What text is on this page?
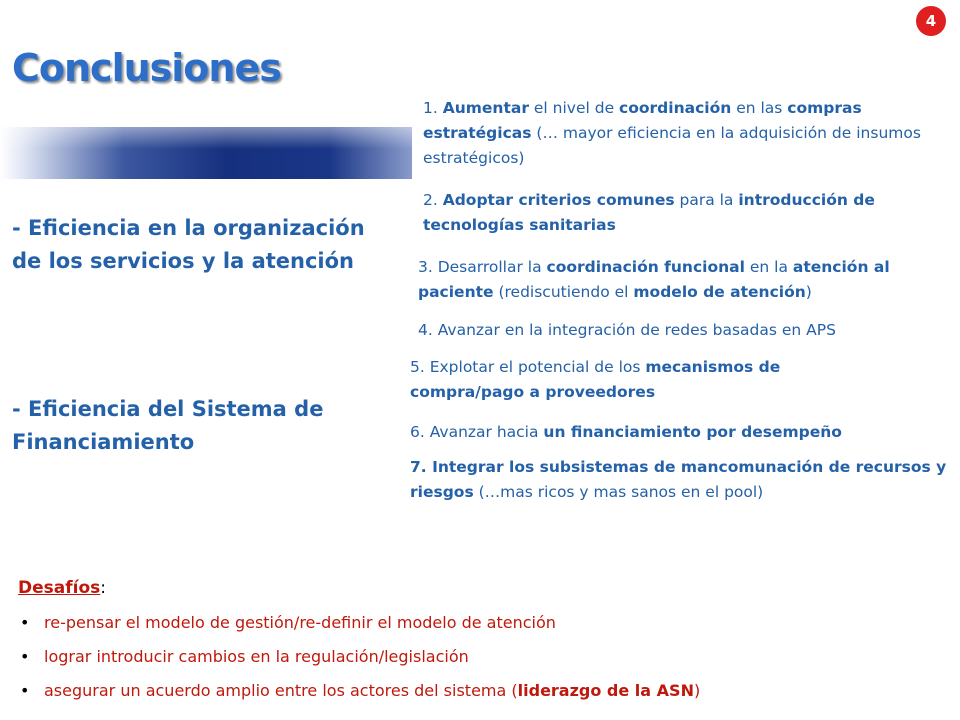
4
Conclusiones
- Eficiencia en la organización de los servicios y la atención
- Eficiencia del Sistema de Financiamiento
1. Aumentar el nivel de coordinación en las compras estratégicas (… mayor eficiencia en la adquisición de insumos estratégicos)
2. Adoptar criterios comunes para la introducción de tecnologías sanitarias
3. Desarrollar la coordinación funcional en la atención al paciente (rediscutiendo el modelo de atención)
4. Avanzar en la integración de redes basadas en APS
5. Explotar el potencial de los mecanismos de compra/pago a proveedores
6. Avanzar hacia un financiamiento por desempeño
7. Integrar los subsistemas de mancomunación de recursos y riesgos (…mas ricos y mas sanos en el pool)
Desafíos:
• re-pensar el modelo de gestión/re-definir el modelo de atención
• lograr introducir cambios en la regulación/legislación
• asegurar un acuerdo amplio entre los actores del sistema (liderazgo de la ASN)
